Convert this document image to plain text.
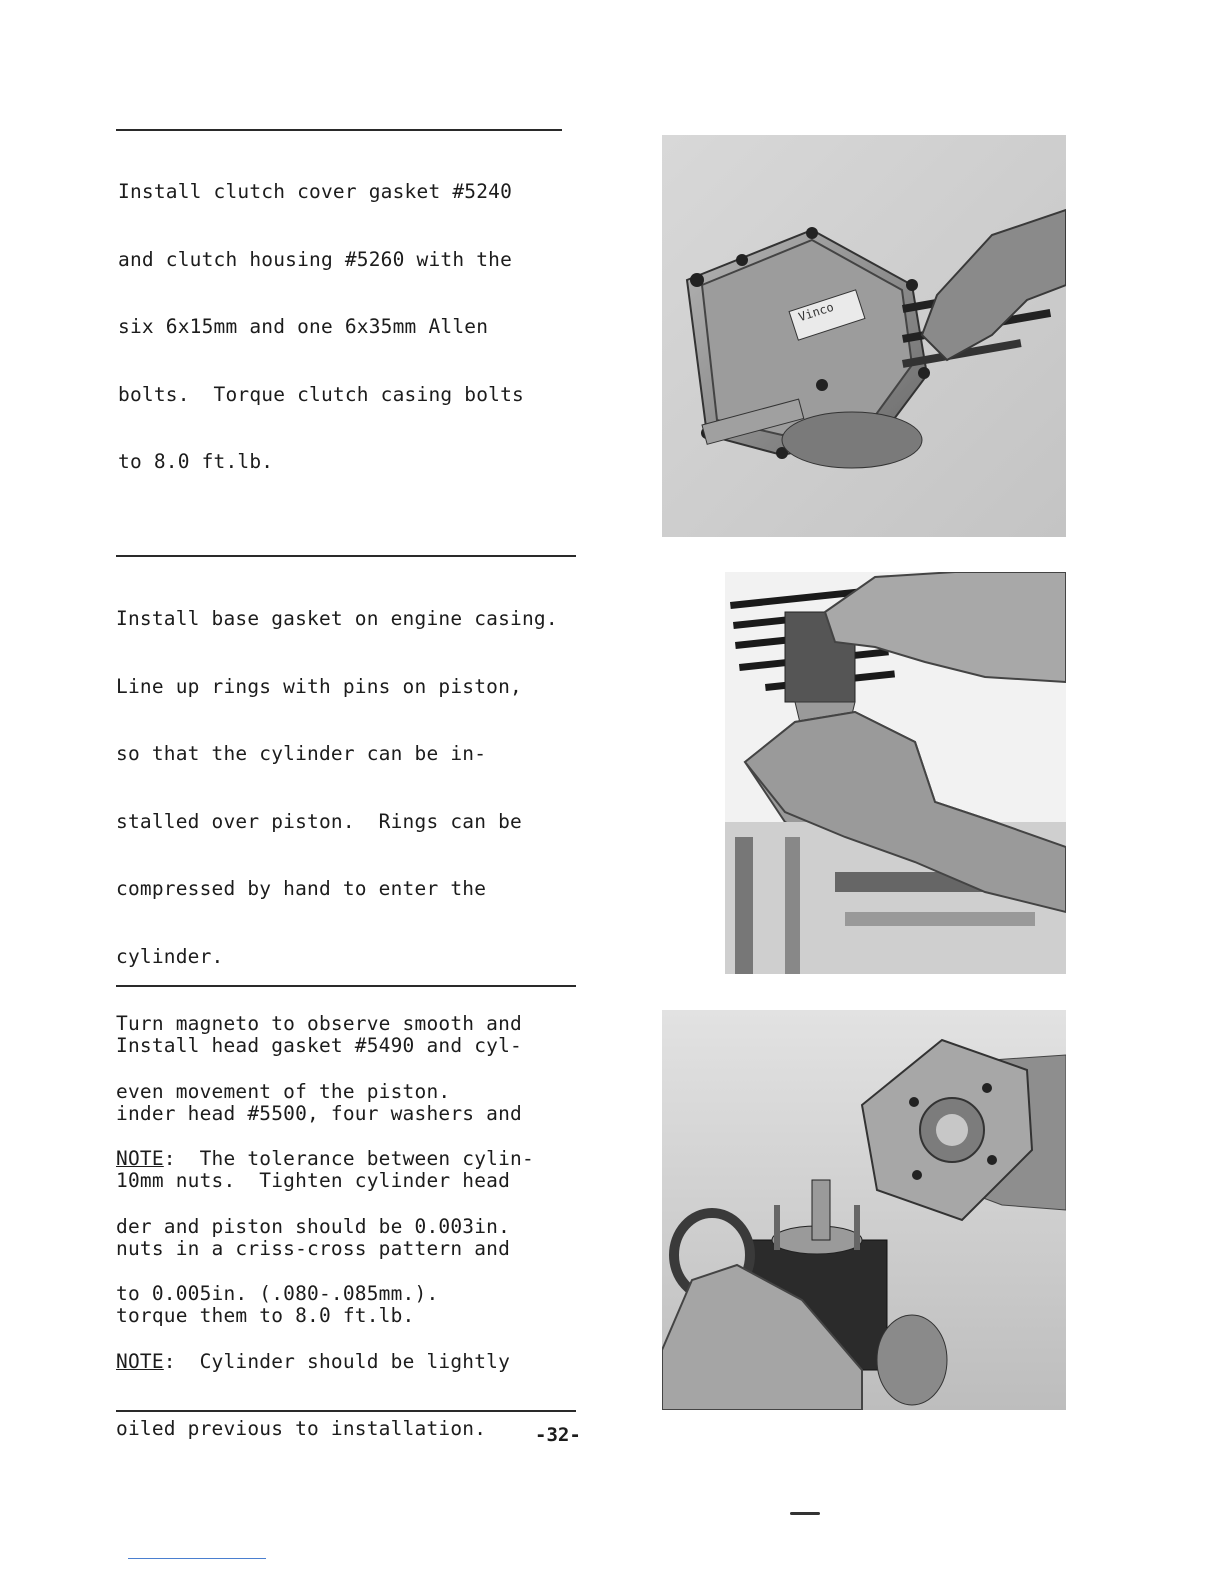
Install clutch cover gasket #5240

and clutch housing #5260 with the

six 6x15mm and one 6x35mm Allen

bolts.  Torque clutch casing bolts

to 8.0 ft.lb.

Vinco

Install base gasket on engine casing.

Line up rings with pins on piston,

so that the cylinder can be in-

stalled over piston.  Rings can be

compressed by hand to enter the

cylinder.

Turn magneto to observe smooth and

even movement of the piston.

NOTE:  The tolerance between cylin-

der and piston should be 0.003in.

to 0.005in. (.080-.085mm.).

NOTE:  Cylinder should be lightly

oiled previous to installation.

Install head gasket #5490 and cyl-

inder head #5500, four washers and

10mm nuts.  Tighten cylinder head

nuts in a criss-cross pattern and

torque them to 8.0 ft.lb.

-32-
